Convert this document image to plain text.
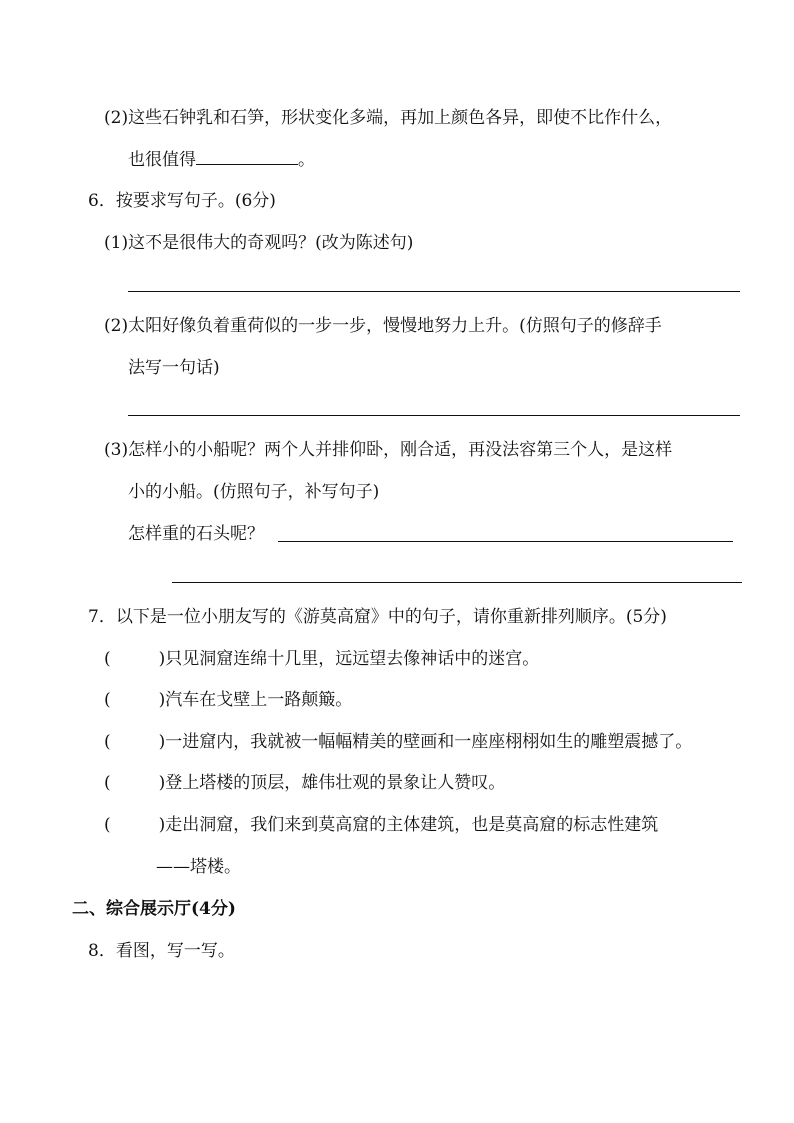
(2)这些石钟乳和石笋，形状变化多端，再加上颜色各异，即使不比作什么，
也很值得	。
6．按要求写句子。(6分)
(1)这不是很伟大的奇观吗？(改为陈述句)
(2)太阳好像负着重荷似的一步一步，慢慢地努力上升。(仿照句子的修辞手
法写一句话)
(3)怎样小的小船呢？两个人并排仰卧，刚合适，再没法容第三个人，是这样
小的小船。(仿照句子，补写句子)
怎样重的石头呢？
7．以下是一位小朋友写的《游莫高窟》中的句子，请你重新排列顺序。(5分)
(	)只见洞窟连绵十几里，远远望去像神话中的迷宫。
(	)汽车在戈壁上一路颠簸。
(	)一进窟内，我就被一幅幅精美的壁画和一座座栩栩如生的雕塑震撼了。
(	)登上塔楼的顶层，雄伟壮观的景象让人赞叹。
(	)走出洞窟，我们来到莫高窟的主体建筑，也是莫高窟的标志性建筑
——塔楼。
二、综合展示厅(4分)
8．看图，写一写。
